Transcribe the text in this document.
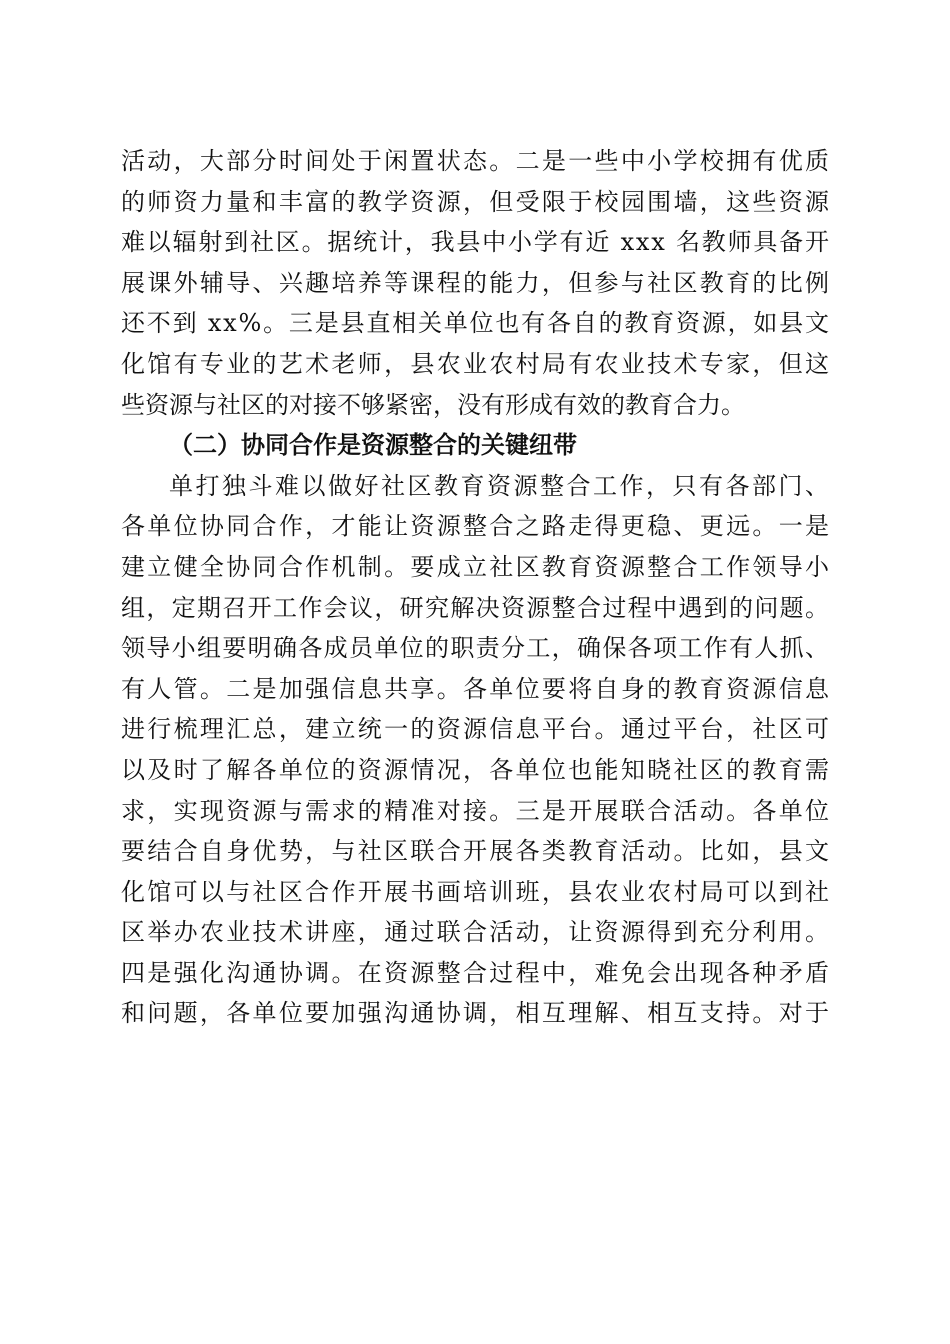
活动，大部分时间处于闲置状态。二是一些中小学校拥有优质
的师资力量和丰富的教学资源，但受限于校园围墙，这些资源
难以辐射到社区。据统计，我县中小学有近 xxx 名教师具备开
展课外辅导、兴趣培养等课程的能力，但参与社区教育的比例
还不到 xx%。三是县直相关单位也有各自的教育资源，如县文
化馆有专业的艺术老师，县农业农村局有农业技术专家，但这
些资源与社区的对接不够紧密，没有形成有效的教育合力。
（二）协同合作是资源整合的关键纽带
单打独斗难以做好社区教育资源整合工作，只有各部门、
各单位协同合作，才能让资源整合之路走得更稳、更远。一是
建立健全协同合作机制。要成立社区教育资源整合工作领导小
组，定期召开工作会议，研究解决资源整合过程中遇到的问题。
领导小组要明确各成员单位的职责分工，确保各项工作有人抓、
有人管。二是加强信息共享。各单位要将自身的教育资源信息
进行梳理汇总，建立统一的资源信息平台。通过平台，社区可
以及时了解各单位的资源情况，各单位也能知晓社区的教育需
求，实现资源与需求的精准对接。三是开展联合活动。各单位
要结合自身优势，与社区联合开展各类教育活动。比如，县文
化馆可以与社区合作开展书画培训班，县农业农村局可以到社
区举办农业技术讲座，通过联合活动，让资源得到充分利用。
四是强化沟通协调。在资源整合过程中，难免会出现各种矛盾
和问题，各单位要加强沟通协调，相互理解、相互支持。对于
